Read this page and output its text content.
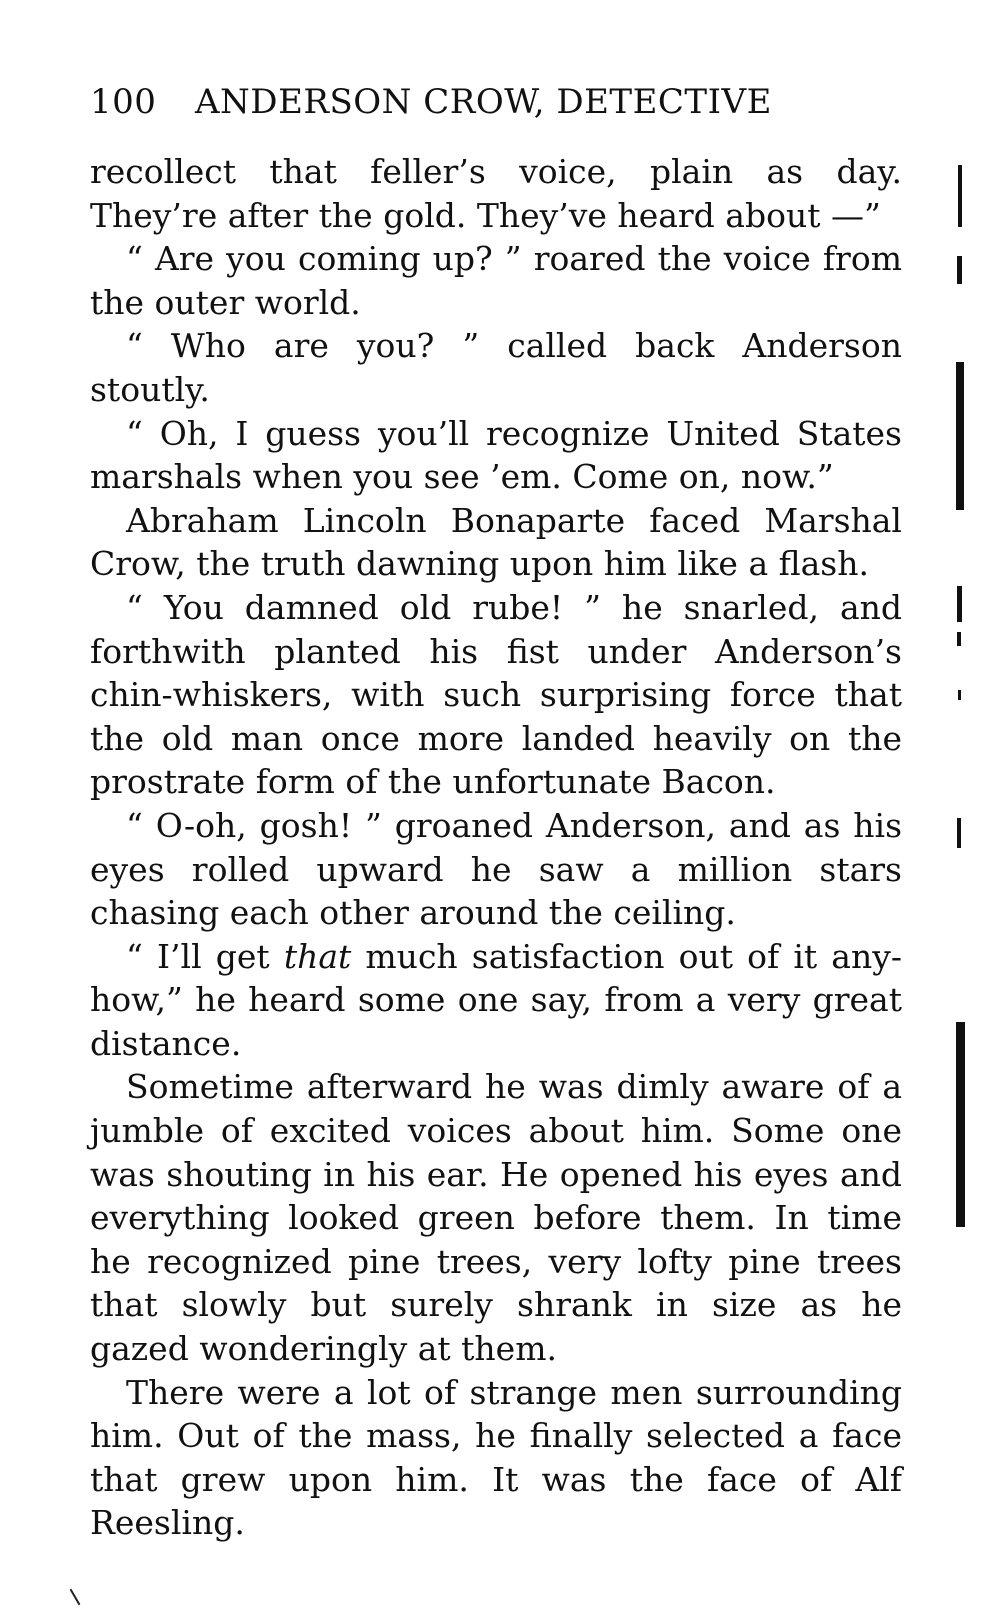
100 ANDERSON CROW, DETECTIVE

recollect that feller’s voice, plain as day. They’re after the gold. They’ve heard about —”

“ Are you coming up? ” roared the voice from the outer world.

“ Who are you? ” called back Anderson stoutly.

“ Oh, I guess you’ll recognize United States marshals when you see ’em. Come on, now.”

Abraham Lincoln Bonaparte faced Marshal Crow, the truth dawning upon him like a flash.

“ You damned old rube! ” he snarled, and forthwith planted his fist under Anderson’s chin-whiskers, with such surprising force that the old man once more landed heavily on the prostrate form of the unfortunate Bacon.

“ O-oh, gosh! ” groaned Anderson, and as his eyes rolled upward he saw a million stars chasing each other around the ceiling.

“ I’ll get that much satisfaction out of it anyhow,” he heard some one say, from a very great distance.

Sometime afterward he was dimly aware of a jumble of excited voices about him. Some one was shouting in his ear. He opened his eyes and everything looked green before them. In time he recognized pine trees, very lofty pine trees that slowly but surely shrank in size as he gazed wonderingly at them.

There were a lot of strange men surrounding him. Out of the mass, he finally selected a face that grew upon him. It was the face of Alf Reesling.
